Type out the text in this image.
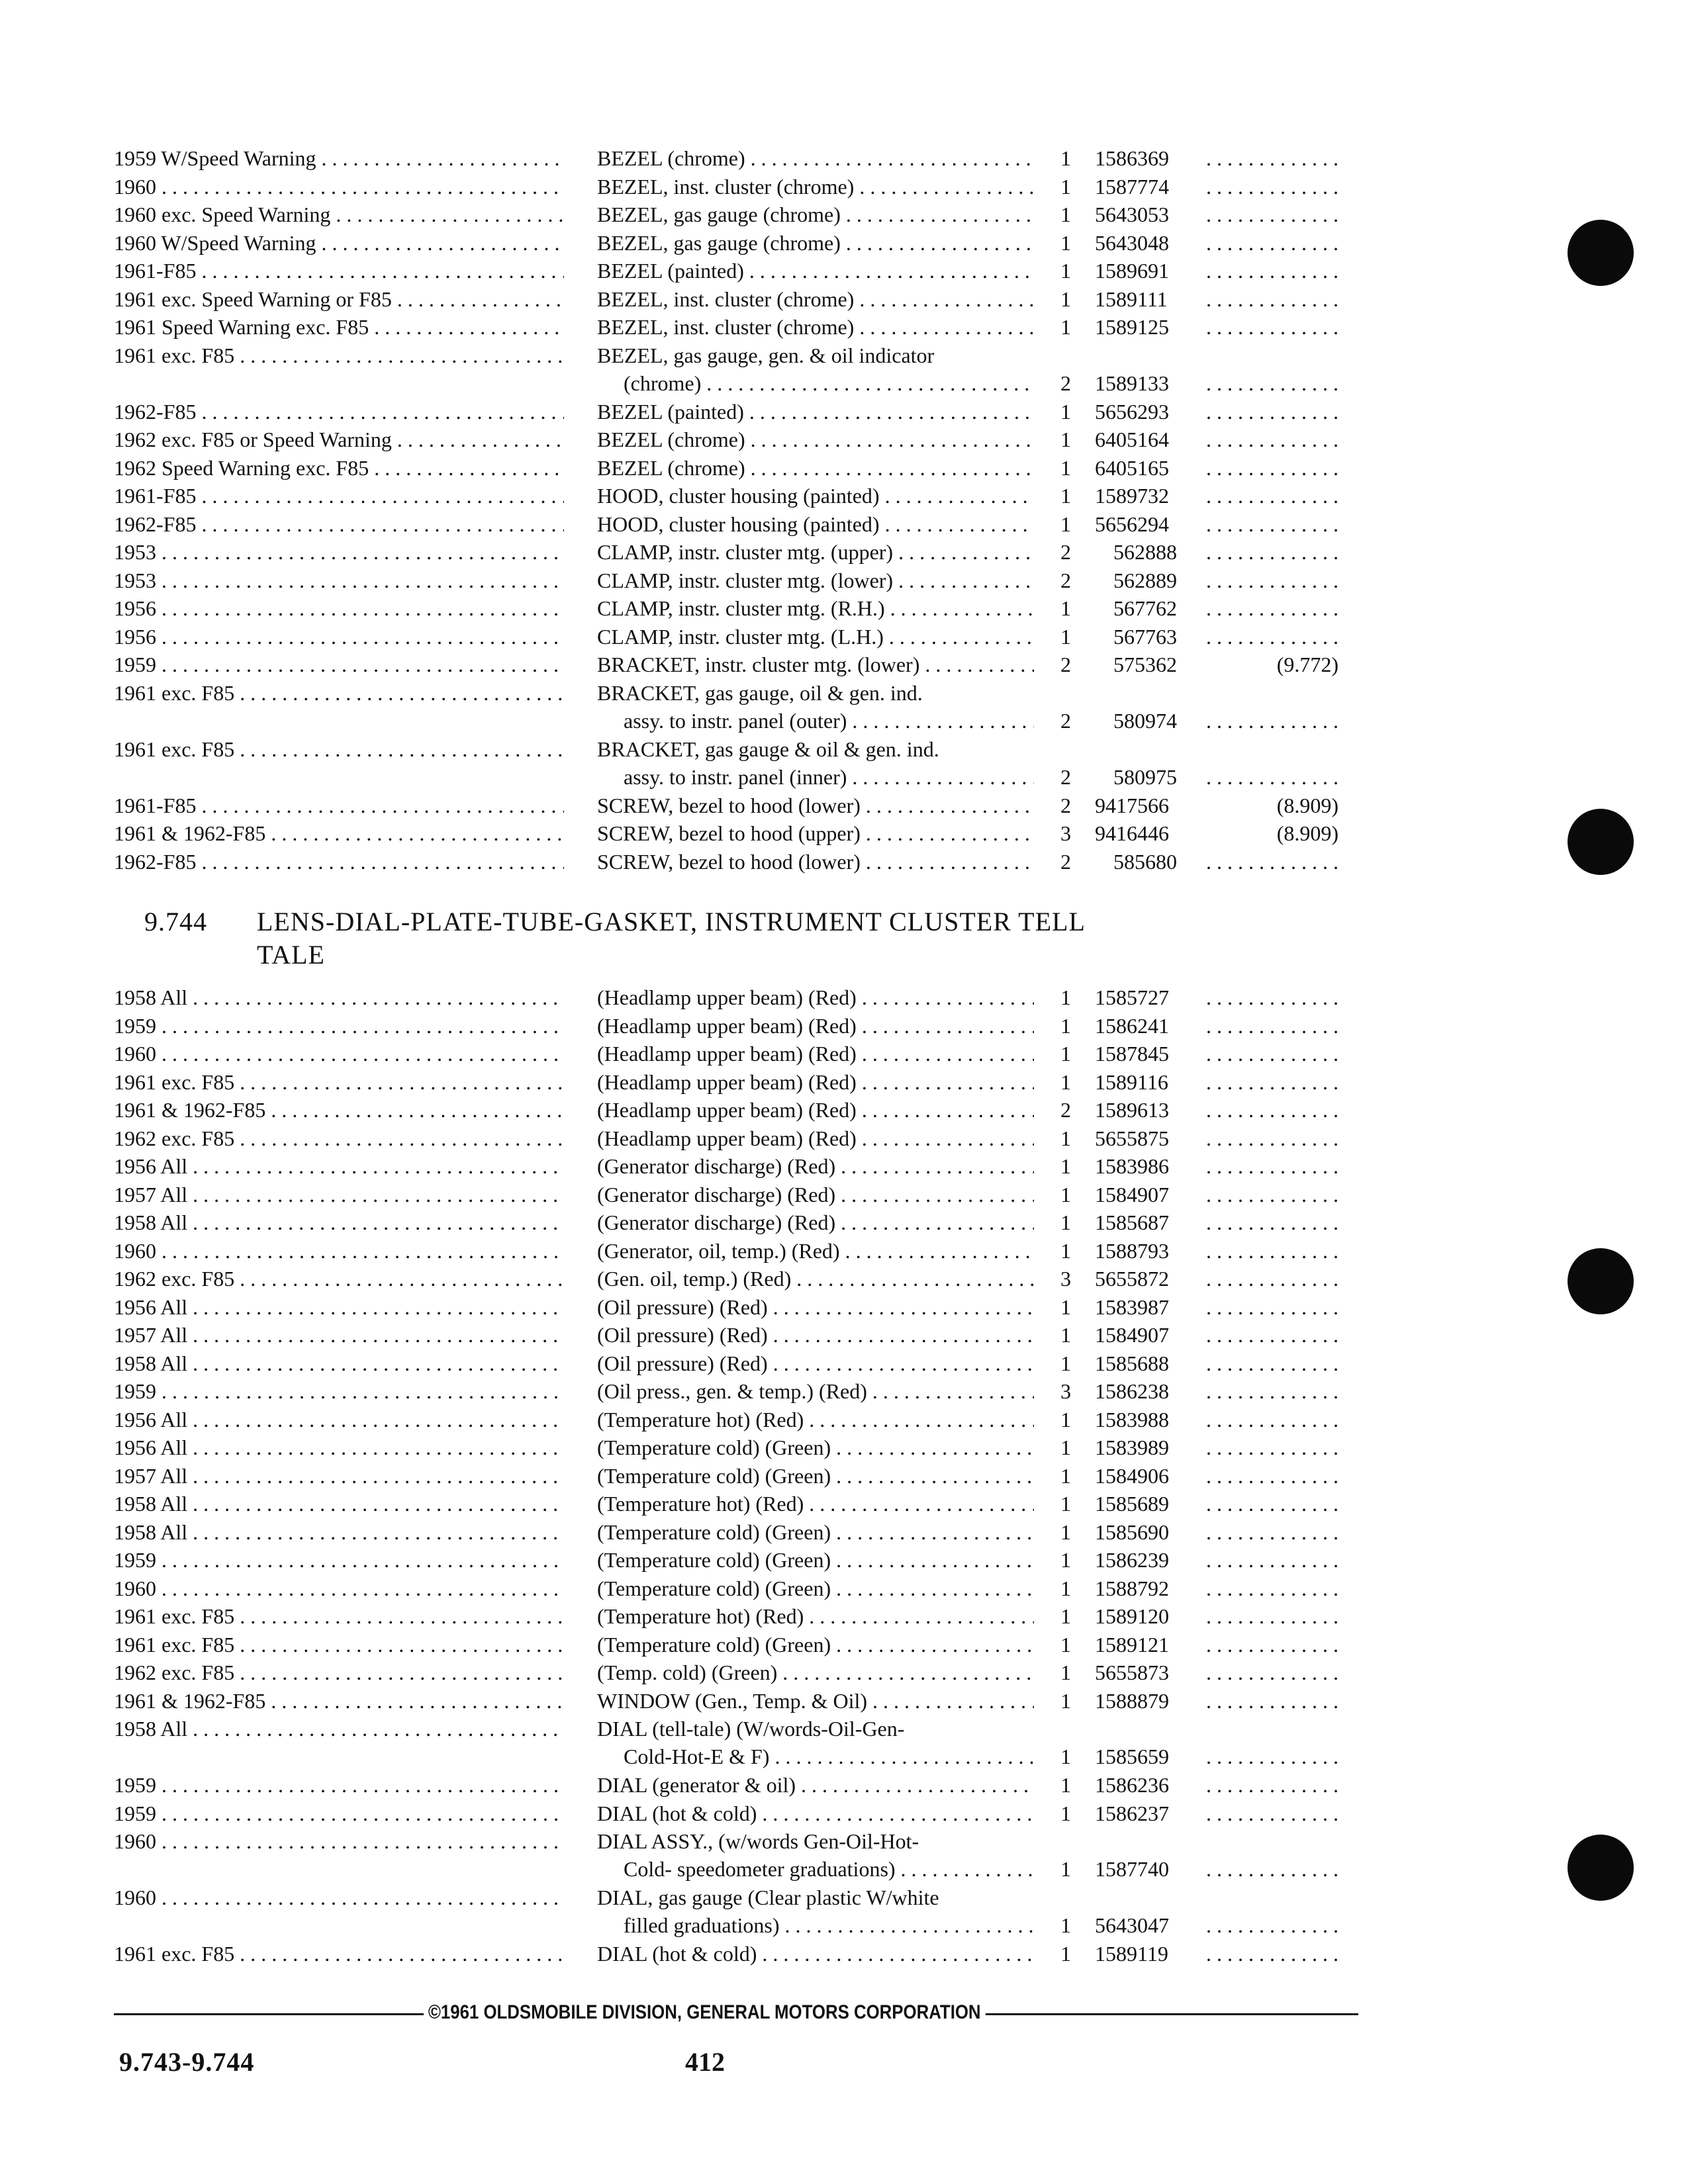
1959 W/Speed Warning . . .	BEZEL (chrome) . . .	1	1586369
. . .
1960 . . .	BEZEL, inst. cluster (chrome) . . .	1	1587774
. . .
1960 exc. Speed Warning . . .	BEZEL, gas gauge (chrome) . . .	1	5643053
. . .
1960 W/Speed Warning . . .	BEZEL, gas gauge (chrome) . . .	1	5643048
. . .
1961-F85 . . .	BEZEL (painted) . . .	1	1589691
. . .
1961 exc. Speed Warning or F85 . . .	BEZEL, inst. cluster (chrome) . . .	1	1589111
. . .
1961 Speed Warning exc. F85 . . .	BEZEL, inst. cluster (chrome) . . .	1	1589125
. . .
1961 exc. F85 . . .	BEZEL, gas gauge, gen. & oil indicator
(chrome) . . .	2	1589133
. . .
1962-F85 . . .	BEZEL (painted) . . .	1	5656293
. . .
1962 exc. F85 or Speed Warning . . .	BEZEL (chrome) . . .	1	6405164
. . .
1962 Speed Warning exc. F85 . . .	BEZEL (chrome) . . .	1	6405165
. . .
1961-F85 . . .	HOOD, cluster housing (painted) . . .	1	1589732
. . .
1962-F85 . . .	HOOD, cluster housing (painted) . . .	1	5656294
. . .
1953 . . .	CLAMP, instr. cluster mtg. (upper) . . .	2	562888
. . .
1953 . . .	CLAMP, instr. cluster mtg. (lower) . . .	2	562889
. . .
1956 . . .	CLAMP, instr. cluster mtg. (R.H.) . . .	1	567762
. . .
1956 . . .	CLAMP, instr. cluster mtg. (L.H.) . . .	1	567763
. . .
1959 . . .	BRACKET, instr. cluster mtg. (lower) . . .	2	575362	(9.772)
1961 exc. F85 . . .	BRACKET, gas gauge, oil & gen. ind.
assy. to instr. panel (outer) . . .	2	580974
. . .
1961 exc. F85 . . .	BRACKET, gas gauge & oil & gen. ind.
assy. to instr. panel (inner) . . .	2	580975
. . .
1961-F85 . . .	SCREW, bezel to hood (lower) . . .	2	9417566	(8.909)
1961 & 1962-F85 . . .	SCREW, bezel to hood (upper) . . .	3	9416446	(8.909)
1962-F85 . . .	SCREW, bezel to hood (lower) . . .	2	585680
. . .
9.744 LENS-DIAL-PLATE-TUBE-GASKET, INSTRUMENT CLUSTER TELL
TALE
1958 All . . .	(Headlamp upper beam) (Red) . . .	1	1585727
. . .
1959 . . .	(Headlamp upper beam) (Red) . . .	1	1586241
. . .
1960 . . .	(Headlamp upper beam) (Red) . . .	1	1587845
. . .
1961 exc. F85 . . .	(Headlamp upper beam) (Red) . . .	1	1589116
. . .
1961 & 1962-F85 . . .	(Headlamp upper beam) (Red) . . .	2	1589613
. . .
1962 exc. F85 . . .	(Headlamp upper beam) (Red) . . .	1	5655875
. . .
1956 All . . .	(Generator discharge) (Red) . . .	1	1583986
. . .
1957 All . . .	(Generator discharge) (Red) . . .	1	1584907
. . .
1958 All . . .	(Generator discharge) (Red) . . .	1	1585687
. . .
1960 . . .	(Generator, oil, temp.) (Red) . . .	1	1588793
. . .
1962 exc. F85 . . .	(Gen. oil, temp.) (Red) . . .	3	5655872
. . .
1956 All . . .	(Oil pressure) (Red) . . .	1	1583987
. . .
1957 All . . .	(Oil pressure) (Red) . . .	1	1584907
. . .
1958 All . . .	(Oil pressure) (Red) . . .	1	1585688
. . .
1959 . . .	(Oil press., gen. & temp.) (Red) . . .	3	1586238
. . .
1956 All . . .	(Temperature hot) (Red) . . .	1	1583988
. . .
1956 All . . .	(Temperature cold) (Green) . . .	1	1583989
. . .
1957 All . . .	(Temperature cold) (Green) . . .	1	1584906
. . .
1958 All . . .	(Temperature hot) (Red) . . .	1	1585689
. . .
1958 All . . .	(Temperature cold) (Green) . . .	1	1585690
. . .
1959 . . .	(Temperature cold) (Green) . . .	1	1586239
. . .
1960 . . .	(Temperature cold) (Green) . . .	1	1588792
. . .
1961 exc. F85 . . .	(Temperature hot) (Red) . . .	1	1589120
. . .
1961 exc. F85 . . .	(Temperature cold) (Green) . . .	1	1589121
. . .
1962 exc. F85 . . .	(Temp. cold) (Green) . . .	1	5655873
. . .
1961 & 1962-F85 . . .	WINDOW (Gen., Temp. & Oil) . . .	1	1588879
. . .
1958 All . . .	DIAL (tell-tale) (W/words-Oil-Gen-
Cold-Hot-E & F) . . .	1	1585659
. . .
1959 . . .	DIAL (generator & oil) . . .	1	1586236
. . .
1959 . . .	DIAL (hot & cold) . . .	1	1586237
. . .
1960 . . .	DIAL ASSY., (w/words Gen-Oil-Hot-
Cold- speedometer graduations) . . .	1	1587740
. . .
1960 . . .	DIAL, gas gauge (Clear plastic W/white
filled graduations) . . .	1	5643047
. . .
1961 exc. F85 . . .	DIAL (hot & cold) . . .	1	1589119
. . .
©1961 OLDSMOBILE DIVISION, GENERAL MOTORS CORPORATION
9.743-9.744	412
